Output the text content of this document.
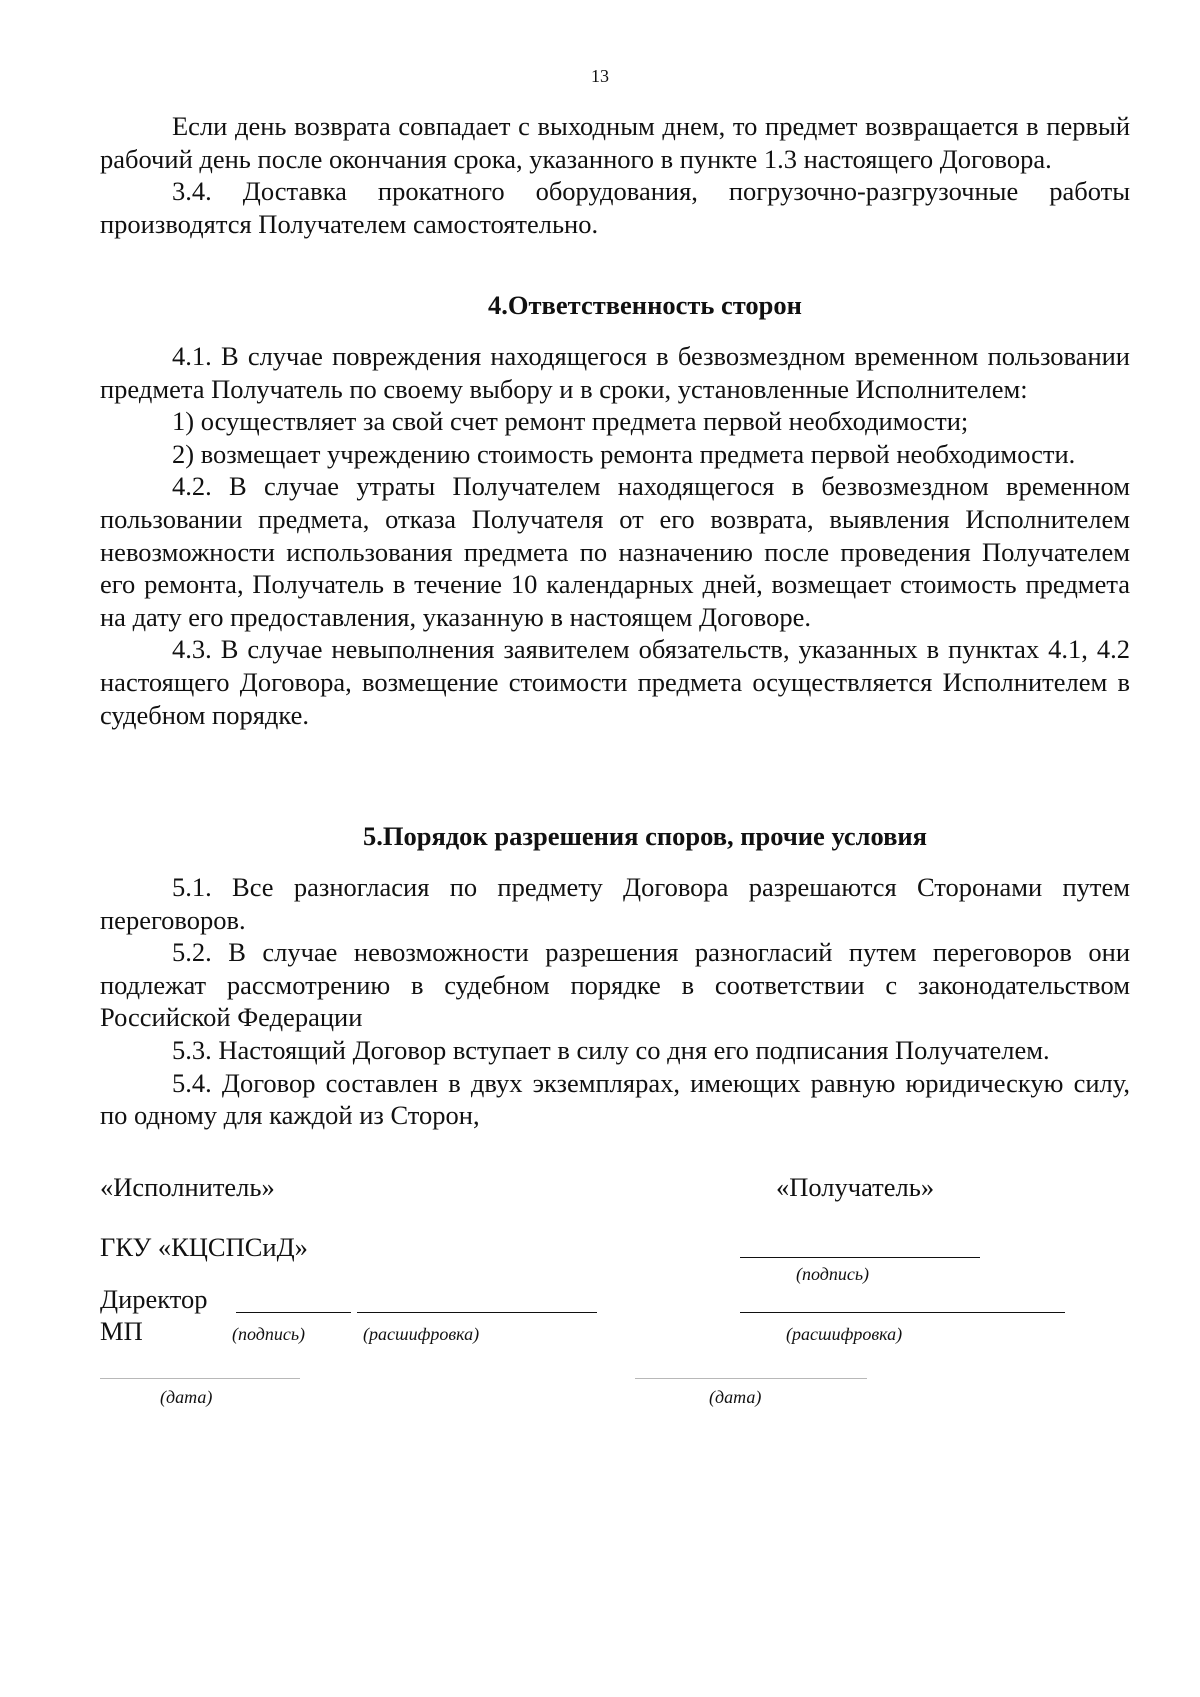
13

Если день возврата совпадает с выходным днем, то предмет возвращается в первый рабочий день после окончания срока, указанного в пункте 1.3 настоящего Договора.

3.4. Доставка прокатного оборудования, погрузочно-разгрузочные работы производятся Получателем самостоятельно.

4.Ответственность сторон

4.1. В случае повреждения находящегося в безвозмездном временном пользовании предмета Получатель по своему выбору и в сроки, установленные Исполнителем:

1) осуществляет за свой счет ремонт предмета первой необходимости;

2) возмещает учреждению стоимость ремонта предмета первой необходимости.

4.2. В случае утраты Получателем находящегося в безвозмездном временном пользовании предмета, отказа Получателя от его возврата, выявления Исполнителем невозможности использования предмета по назначению после проведения Получателем его ремонта, Получатель в течение 10 календарных дней, возмещает стоимость предмета на дату его предоставления, указанную в настоящем Договоре.

4.3. В случае невыполнения заявителем обязательств, указанных в пунктах 4.1, 4.2 настоящего Договора, возмещение стоимости предмета осуществляется Исполнителем в судебном порядке.

5.Порядок разрешения споров, прочие условия

5.1. Все разногласия по предмету Договора разрешаются Сторонами путем переговоров.

5.2. В случае невозможности разрешения разногласий путем переговоров они подлежат рассмотрению в судебном порядке в соответствии с законодательством Российской Федерации

5.3. Настоящий Договор вступает в силу со дня его подписания Получателем.

5.4. Договор составлен в двух экземплярах, имеющих равную юридическую силу, по одному для каждой из Сторон,

«Исполнитель»
ГКУ «КЦСПСиД»
Директор
МП	(подпись)	(расшифровка)
(дата)
«Получатель»
(подпись)
(расшифровка)
(дата)
